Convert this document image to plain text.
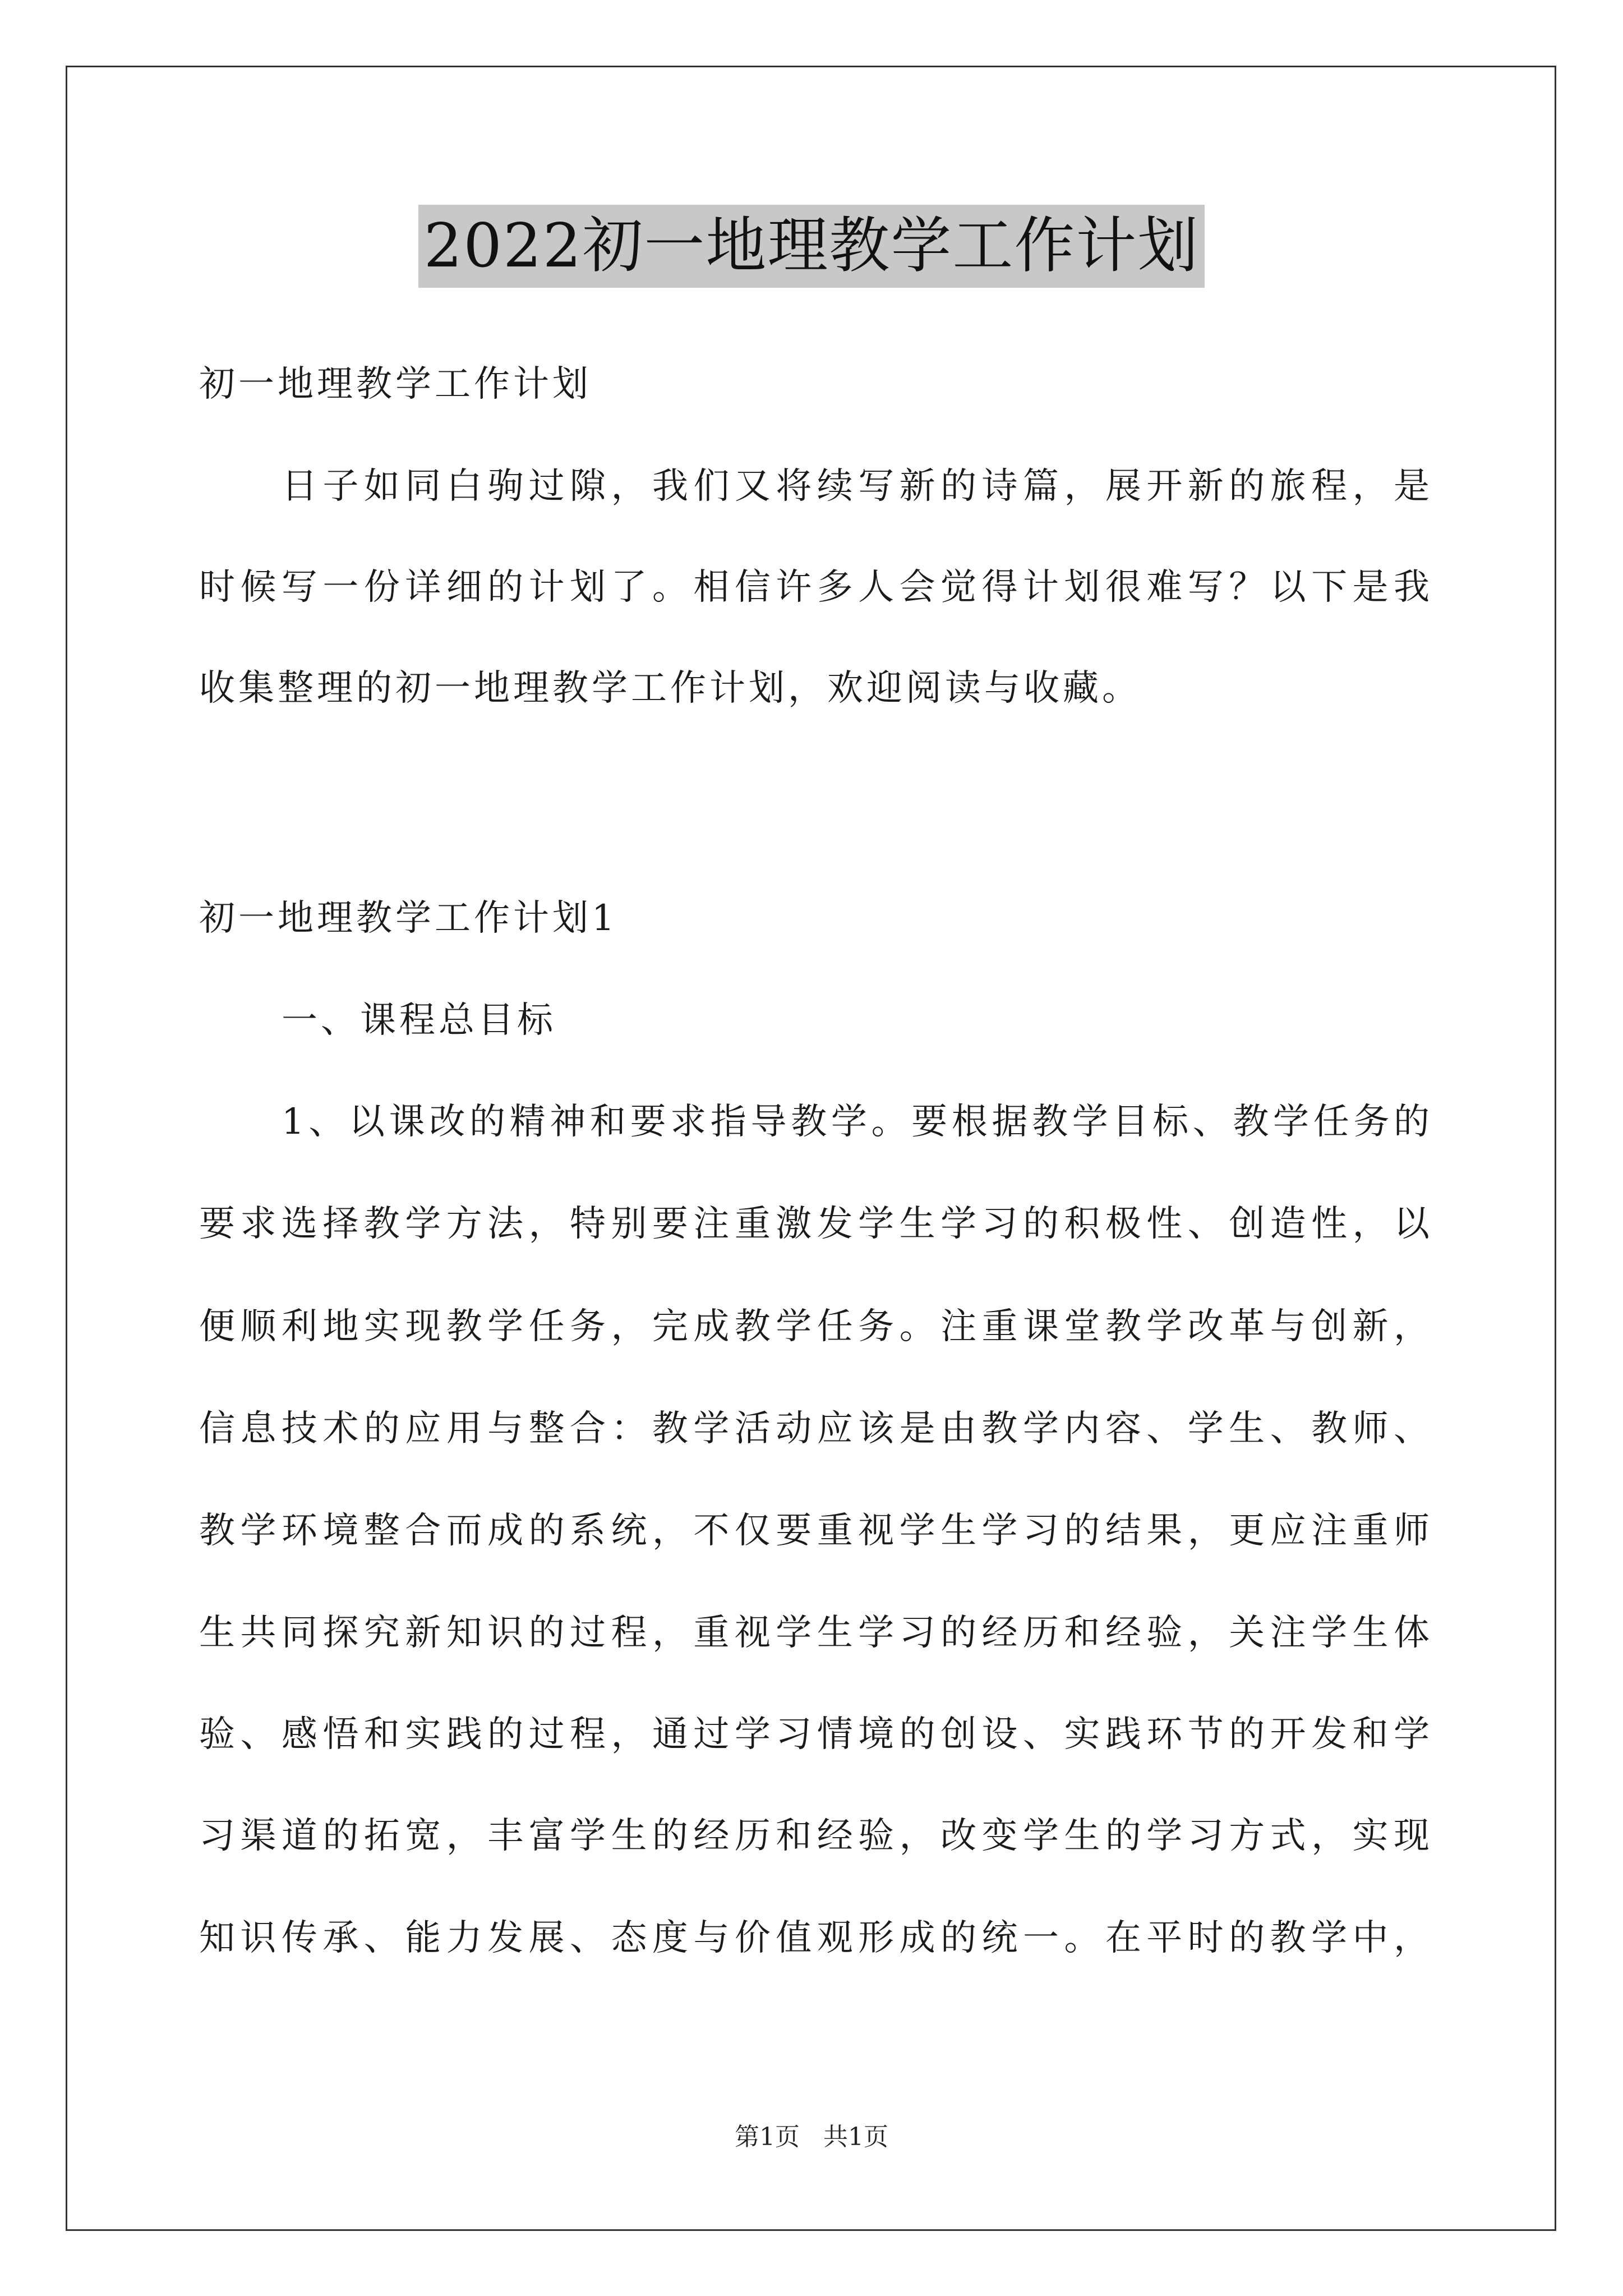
2022初一地理教学工作计划
初一地理教学工作计划
日子如同白驹过隙，我们又将续写新的诗篇，展开新的旅程，是
时候写一份详细的计划了。相信许多人会觉得计划很难写？以下是我
收集整理的初一地理教学工作计划，欢迎阅读与收藏。
初一地理教学工作计划1
一、课程总目标
1、以课改的精神和要求指导教学。要根据教学目标、教学任务的
要求选择教学方法，特别要注重激发学生学习的积极性、创造性，以
便顺利地实现教学任务，完成教学任务。注重课堂教学改革与创新，
信息技术的应用与整合：教学活动应该是由教学内容、学生、教师、
教学环境整合而成的系统，不仅要重视学生学习的结果，更应注重师
生共同探究新知识的过程，重视学生学习的经历和经验，关注学生体
验、感悟和实践的过程，通过学习情境的创设、实践环节的开发和学
习渠道的拓宽，丰富学生的经历和经验，改变学生的学习方式，实现
知识传承、能力发展、态度与价值观形成的统一。在平时的教学中，
第1页 共1页
